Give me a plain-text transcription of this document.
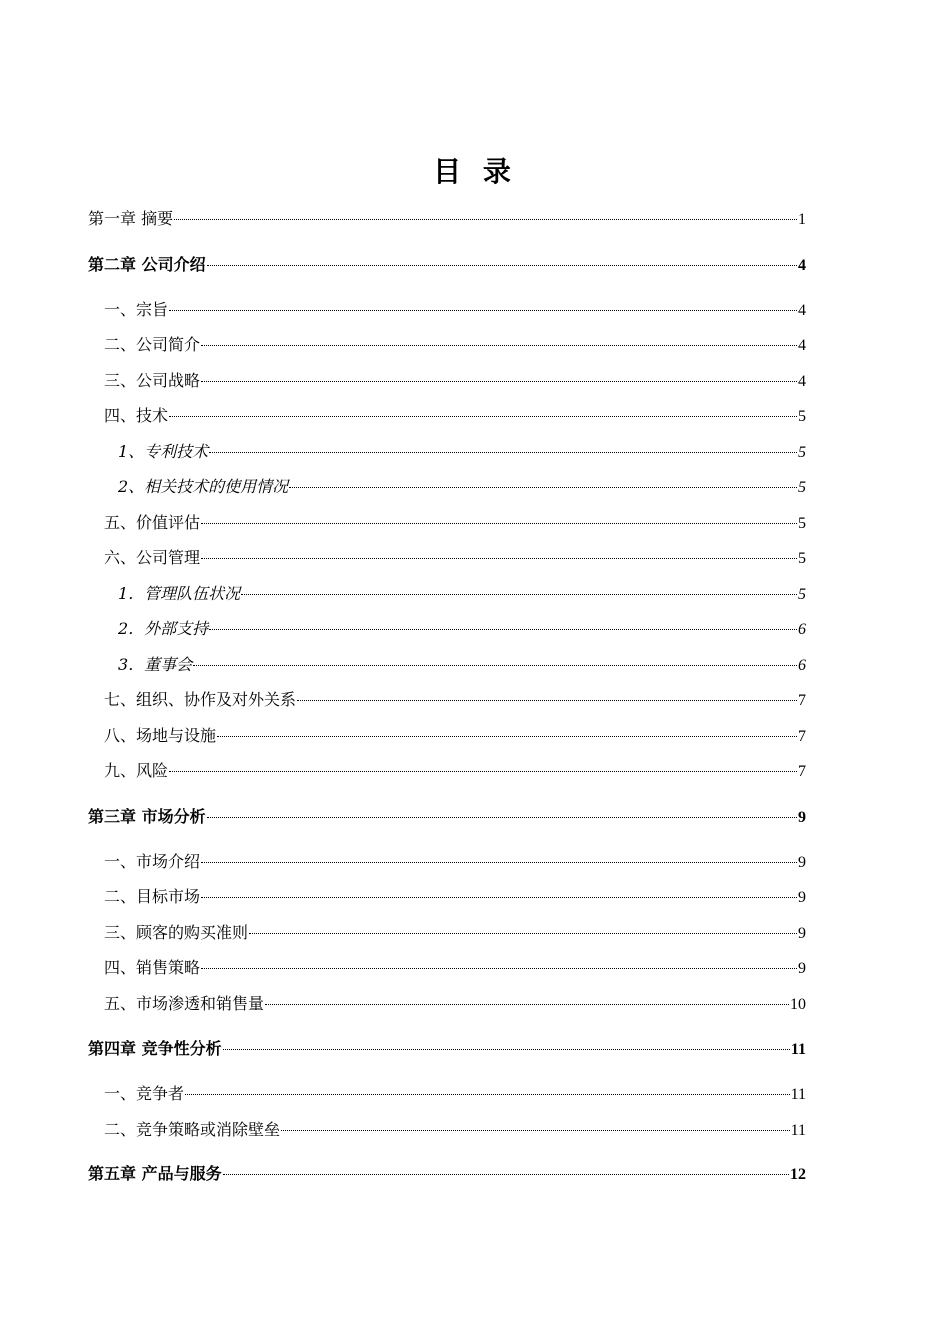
目 录
第一章 摘要	1
第二章 公司介绍	4
一、宗旨	4
二、公司简介	4
三、公司战略	4
四、技术	5
1、专利技术	5
2、相关技术的使用情况	5
五、价值评估	5
六、公司管理	5
1．管理队伍状况	5
2．外部支持	6
3．董事会	6
七、组织、协作及对外关系	7
八、场地与设施	7
九、风险	7
第三章 市场分析	9
一、市场介绍	9
二、目标市场	9
三、顾客的购买准则	9
四、销售策略	9
五、市场渗透和销售量	10
第四章 竞争性分析	11
一、竞争者	11
二、竞争策略或消除壁垒	11
第五章 产品与服务	12
